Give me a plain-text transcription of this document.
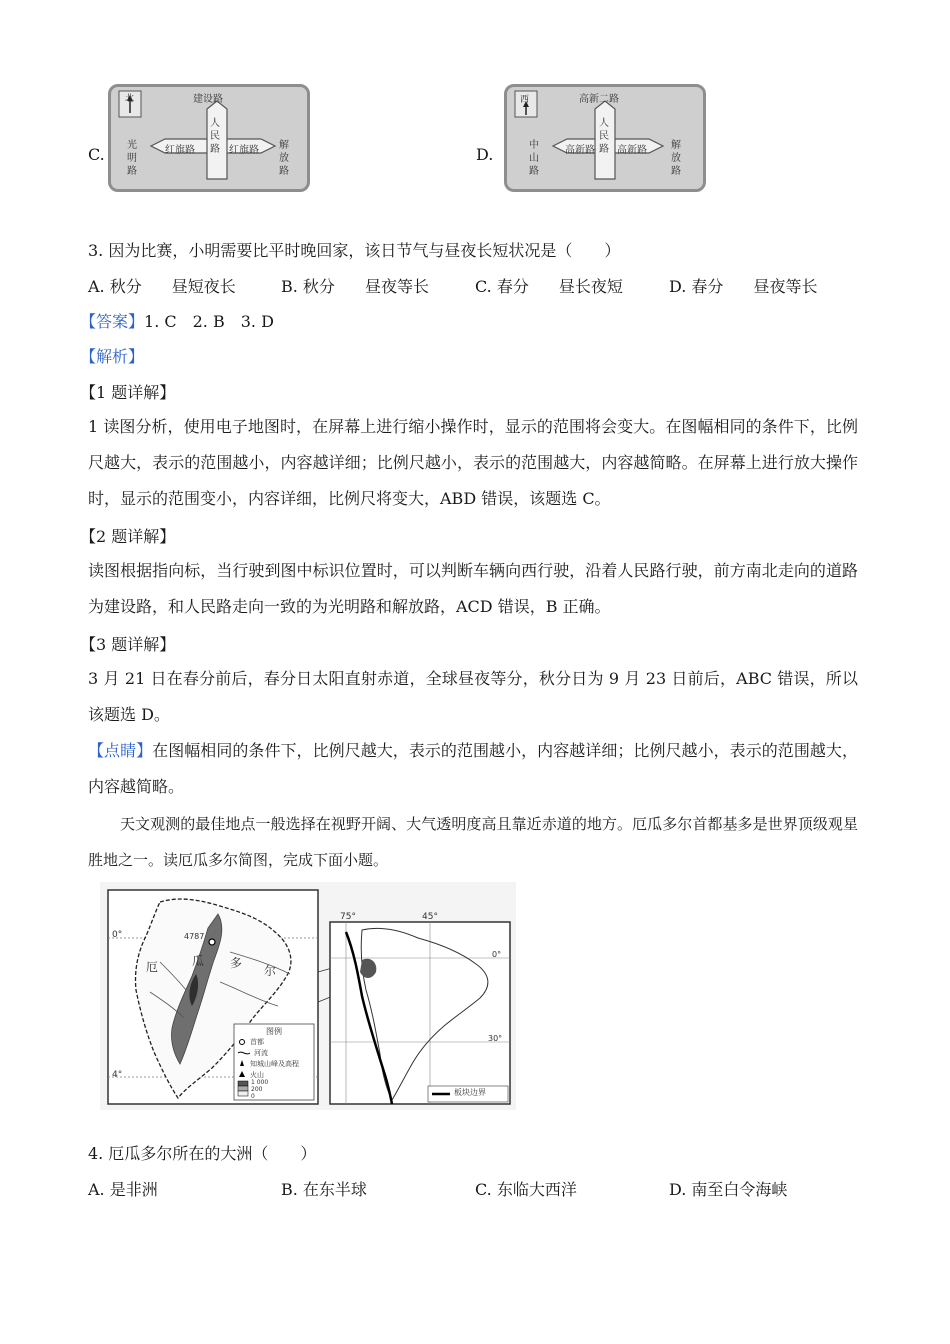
C.
北	建设路
人民路
红旗路	红旗路
光明路
解放路
D.
西	高新二路
人民路
高新路 高新路
中山路
解放路
3. 因为比赛，小明需要比平时晚回家，该日节气与昼夜长短状况是（　　）
A. 秋分 昼短夜长	B. 秋分 昼夜等长	C. 春分 昼长夜短	D. 春分 昼夜等长
【答案】1. C　2. B　3. D
【解析】
【1 题详解】
1 读图分析，使用电子地图时，在屏幕上进行缩小操作时，显示的范围将会变大。在图幅相同的条件下，比例尺越大，表示的范围越小，内容越详细；比例尺越小，表示的范围越大，内容越简略。在屏幕上进行放大操作时，显示的范围变小，内容详细，比例尺将变大，ABD 错误，该题选 C。
【2 题详解】
读图根据指向标，当行驶到图中标识位置时，可以判断车辆向西行驶，沿着人民路行驶，前方南北走向的道路为建设路，和人民路走向一致的为光明路和解放路，ACD 错误，B 正确。
【3 题详解】
3 月 21 日在春分前后，春分日太阳直射赤道，全球昼夜等分，秋分日为 9 月 23 日前后，ABC 错误，所以该题选 D。
【点睛】在图幅相同的条件下，比例尺越大，表示的范围越小，内容越详细；比例尺越小，表示的范围越大，内容越简略。
天文观测的最佳地点一般选择在视野开阔、大气透明度高且靠近赤道的地方。厄瓜多尔首都基多是世界顶级观星胜地之一。读厄瓜多尔简图，完成下面小题。
0°
4°
4787
厄	瓜 多
尔
图例
首都
河流
知城山峰及高程
火山
1 000
200
0
75°	45°
0°
30°
板块边界
4. 厄瓜多尔所在的大洲（　　）
A. 是非洲	B. 在东半球	C. 东临大西洋	D. 南至白令海峡
